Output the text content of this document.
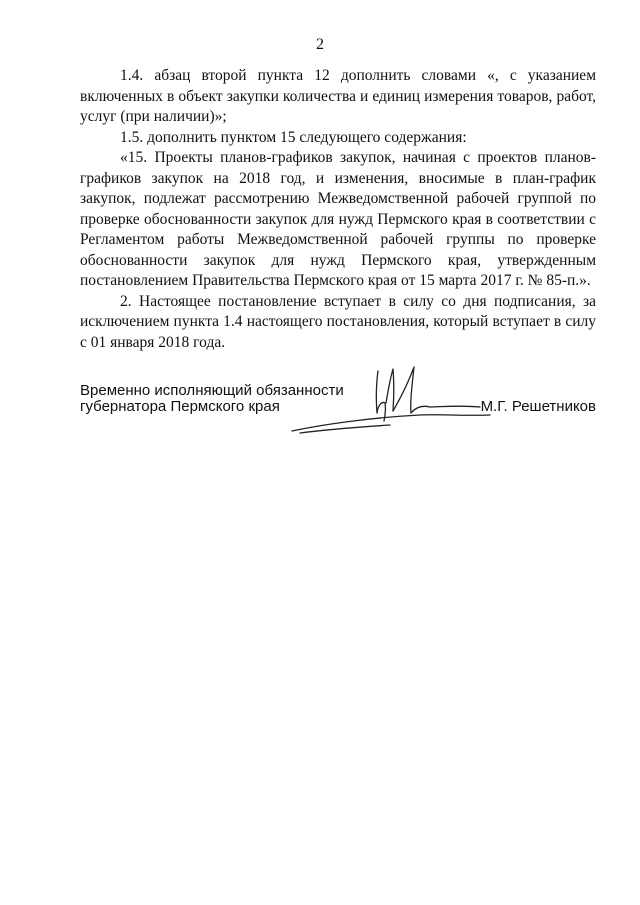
2

1.4. абзац второй пункта 12 дополнить словами «, с указанием включенных в объект закупки количества и единиц измерения товаров, работ, услуг (при наличии)»;

1.5. дополнить пунктом 15 следующего содержания:

«15. Проекты планов-графиков закупок, начиная с проектов планов-графиков закупок на 2018 год, и изменения, вносимые в план-график закупок, подлежат рассмотрению Межведомственной рабочей группой по проверке обоснованности закупок для нужд Пермского края в соответствии с Регламентом работы Межведомственной рабочей группы по проверке обоснованности закупок для нужд Пермского края, утвержденным постановлением Правительства Пермского края от 15 марта 2017 г. № 85-п.».

2. Настоящее постановление вступает в силу со дня подписания, за исключением пункта 1.4 настоящего постановления, который вступает в силу с 01 января 2018 года.

Временно исполняющий обязанности
губернатора Пермского края	М.Г. Решетников
